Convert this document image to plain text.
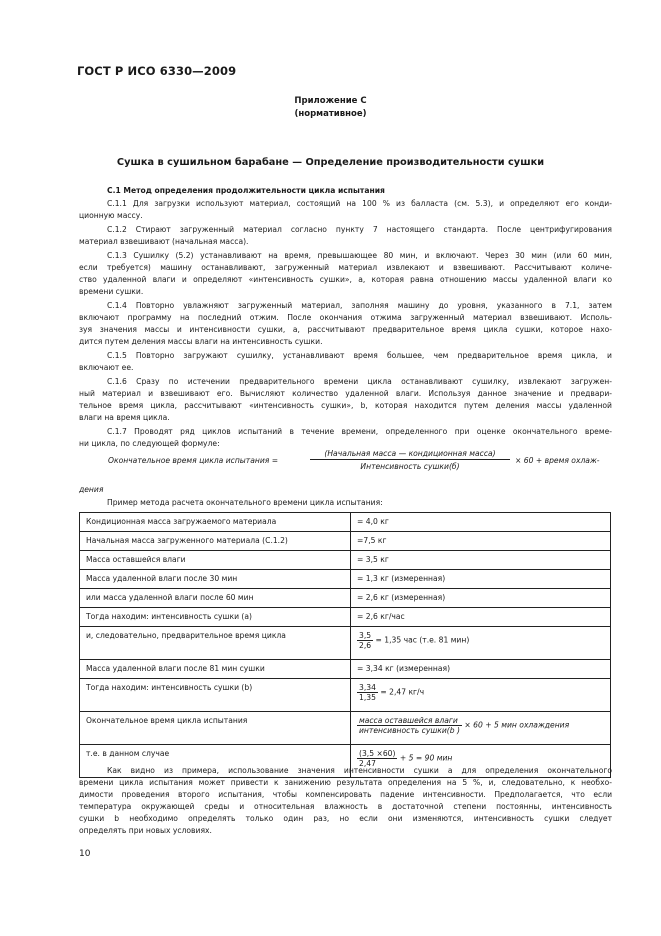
ГОСТ Р ИСО 6330—2009
Приложение С
(нормативное)
Сушка в сушильном барабане — Определение производительности сушки
С.1 Метод определения продолжительности цикла испытания
С.1.1 Для загрузки используют материал, состоящий на 100 % из балласта (см. 5.3), и определяют его конди-
ционную массу.
С.1.2 Стирают загруженный материал согласно пункту 7 настоящего стандарта. После центрифугирования
материал взвешивают (начальная масса).
С.1.3 Сушилку (5.2) устанавливают на время, превышающее 80 мин, и включают. Через 30 мин (или 60 мин,
если требуется) машину останавливают, загруженный материал извлекают и взвешивают. Рассчитывают количе-
ство удаленной влаги и определяют «интенсивность сушки», a, которая равна отношению массы удаленной влаги ко
времени сушки.
С.1.4 Повторно увлажняют загруженный материал, заполняя машину до уровня, указанного в 7.1, затем
включают программу на последний отжим. После окончания отжима загруженный материал взвешивают. Исполь-
зуя значения массы и интенсивности сушки, a, рассчитывают предварительное время цикла сушки, которое нахо-
дится путем деления массы влаги на интенсивность сушки.
С.1.5 Повторно загружают сушилку, устанавливают время большее, чем предварительное время цикла, и
включают ее.
С.1.6 Сразу по истечении предварительного времени цикла останавливают сушилку, извлекают загружен-
ный материал и взвешивают его. Вычисляют количество удаленной влаги. Используя данное значение и предвари-
тельное время цикла, рассчитывают «интенсивность сушки», b, которая находится путем деления массы удаленной
влаги на время цикла.
С.1.7 Проводят ряд циклов испытаний в течение времени, определенного при оценке окончательного време-
ни цикла, по следующей формуле:
Окончательное время цикла испытания =
(Начальная масса — кондиционная масса)
Интенсивность сушки(б)
× 60 + время охлаж-
дения
Пример метода расчета окончательного времени цикла испытания:
Кондиционная масса загружаемого материала	= 4,0 кг
Начальная масса загруженного материала (С.1.2)	=7,5 кг
Масса оставшейся влаги	= 3,5 кг
Масса удаленной влаги после 30 мин	= 1,3 кг (измеренная)
или масса удаленной влаги после 60 мин	= 2,6 кг (измеренная)
Тогда находим: интенсивность сушки (a)	= 2,6 кг/час
и, следовательно, предварительное время цикла	$\frac{3,5}{2,6} = 1,35$ час (т.е. 81 мин)
Масса удаленной влаги после 81 мин сушки	= 3,34 кг (измеренная)
Тогда находим: интенсивность сушки (b)	$\frac{3,34}{1,35} = 2,47$ кг/ч
Окончательное время цикла испытания	$\frac{\text{масса оставшейся влаги}}{\text{интенсивность сушки(b )}} \times 60 + 5$ мин охлаждения
т.е. в данном случае	$\frac{(3,5 \times 60)}{2,47} + 5 = 90$ мин
Как видно из примера, использование значения интенсивности сушки a для определения окончательного
времени цикла испытания может привести к занижению результата определения на 5 %, и, следовательно, к необхо-
димости проведения второго испытания, чтобы компенсировать падение интенсивности. Предполагается, что если
температура окружающей среды и относительная влажность в достаточной степени постоянны, интенсивность
сушки b необходимо определять только один раз, но если они изменяются, интенсивность сушки следует
определять при новых условиях.
10
